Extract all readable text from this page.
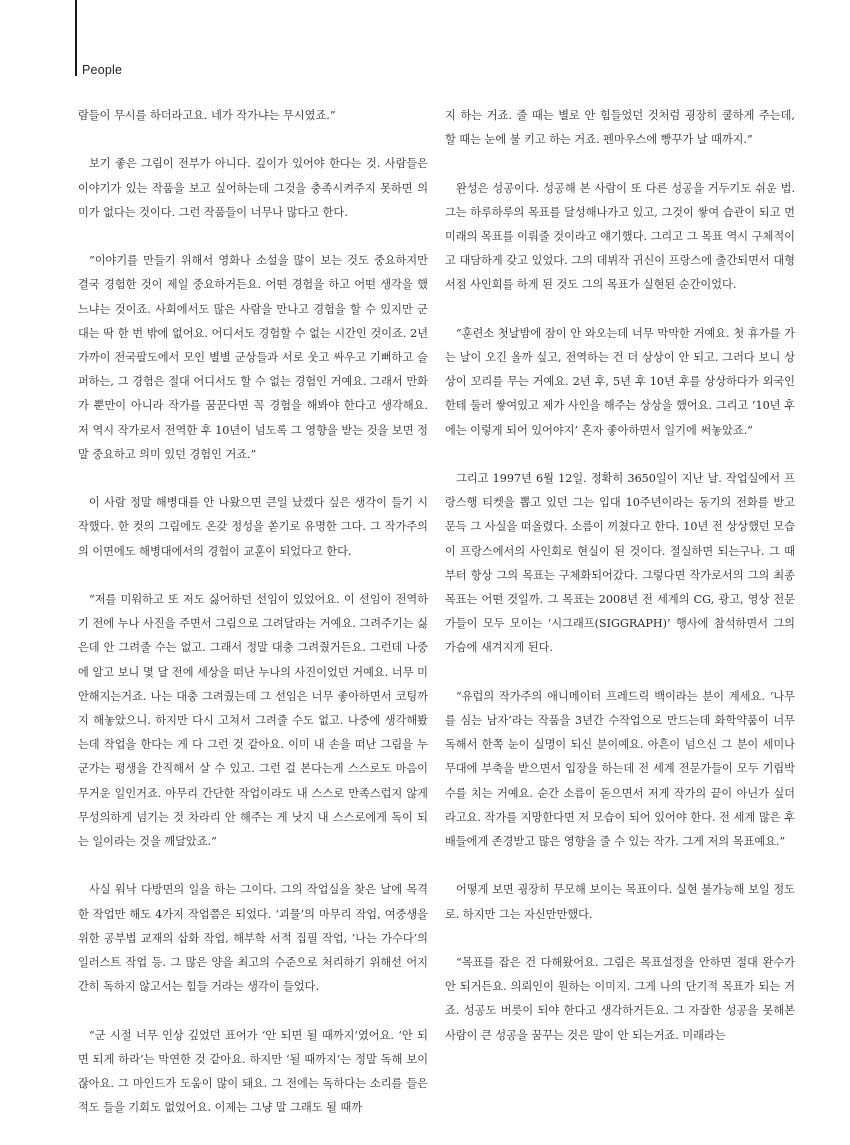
People

람들이 무시를 하더라고요. 네가 작가냐는 무시였죠.”

보기 좋은 그림이 전부가 아니다. 깊이가 있어야 한다는 것. 사람들은 이야기가 있는 작품을 보고 싶어하는데 그것을 충족시켜주지 못하면 의미가 없다는 것이다. 그런 작품들이 너무나 많다고 한다.

“이야기를 만들기 위해서 영화나 소설을 많이 보는 것도 중요하지만 결국 경험한 것이 제일 중요하거든요. 어떤 경험을 하고 어떤 생각을 했느냐는 것이죠. 사회에서도 많은 사람을 만나고 경험을 할 수 있지만 군대는 딱 한 번 밖에 없어요. 어디서도 경험할 수 없는 시간인 것이죠. 2년 가까이 전국팔도에서 모인 별별 군상들과 서로 웃고 싸우고 기뻐하고 슬퍼하는, 그 경험은 절대 어디서도 할 수 없는 경험인 거예요. 그래서 만화가 뿐만이 아니라 작가를 꿈꾼다면 꼭 경험을 해봐야 한다고 생각해요. 저 역시 작가로서 전역한 후 10년이 넘도록 그 영향을 받는 것을 보면 정말 중요하고 의미 있던 경험인 거죠.”

이 사람 정말 해병대를 안 나왔으면 큰일 났겠다 싶은 생각이 들기 시작했다. 한 컷의 그림에도 온갖 정성을 쏟기로 유명한 그다. 그 작가주의의 이면에도 해병대에서의 경험이 교훈이 되었다고 한다.

“저를 미워하고 또 저도 싫어하던 선임이 있었어요. 이 선임이 전역하기 전에 누나 사진을 주면서 그림으로 그려달라는 거예요. 그려주기는 싫은데 안 그려줄 수는 없고. 그래서 정말 대충 그려줬거든요. 그런데 나중에 알고 보니 몇 달 전에 세상을 떠난 누나의 사진이었던 거예요. 너무 미안해지는거죠. 나는 대충 그려줬는데 그 선임은 너무 좋아하면서 코팅까지 해놓았으니. 하지만 다시 고쳐서 그려줄 수도 없고. 나중에 생각해봤는데 작업을 한다는 게 다 그런 것 같아요. 이미 내 손을 떠난 그림을 누군가는 평생을 간직해서 살 수 있고. 그런 걸 본다는게 스스로도 마음이 무거운 일인거죠. 아무리 간단한 작업이라도 내 스스로 만족스럽지 않게 무성의하게 넘기는 것 차라리 안 해주는 게 낫지 내 스스로에게 독이 되는 일이라는 것을 깨달았죠.”

사실 워낙 다방면의 일을 하는 그이다. 그의 작업실을 찾은 날에 목격한 작업만 해도 4가지 작업쯤은 되었다. ‘괴물’의 마무리 작업, 여중생을 위한 공부법 교재의 삽화 작업, 해부학 서적 집필 작업, ‘나는 가수다’의 일러스트 작업 등. 그 많은 양을 최고의 수준으로 처리하기 위해선 어지간히 독하지 않고서는 힘들 거라는 생각이 들었다.

“군 시절 너무 인상 깊었던 표어가 ‘안 되면 될 때까지’였어요. ‘안 되면 되게 하라’는 막연한 것 같아요. 하지만 ‘될 때까지’는 정말 독해 보이잖아요. 그 마인드가 도움이 많이 돼요. 그 전에는 독하다는 소리를 들은 적도 들을 기회도 없었어요. 이제는 그냥 말 그래도 될 때까

지 하는 거죠. 줄 때는 별로 안 힘들었던 것처럼 굉장히 쿨하게 주는데, 할 때는 눈에 불 키고 하는 거죠. 펜마우스에 빵꾸가 날 때까지.”

완성은 성공이다. 성공해 본 사람이 또 다른 성공을 거두기도 쉬운 법. 그는 하루하루의 목표를 달성해나가고 있고, 그것이 쌓여 습관이 되고 먼 미래의 목표를 이뤄줄 것이라고 얘기했다. 그리고 그 목표 역시 구체적이고 대담하게 갖고 있었다. 그의 데뷔작 귀신이 프랑스에 출간되면서 대형 서점 사인회를 하게 된 것도 그의 목표가 실현된 순간이었다.

“훈련소 첫날밤에 잠이 안 와오는데 너무 막막한 거예요. 첫 휴가를 가는 날이 오긴 올까 싶고, 전역하는 건 더 상상이 안 되고. 그러다 보니 상상이 꼬리를 무는 거예요. 2년 후, 5년 후 10년 후를 상상하다가 외국인한테 둘러 쌓여있고 제가 사인을 해주는 상상을 했어요. 그리고 ‘10년 후에는 이렇게 되어 있어야지’ 혼자 좋아하면서 일기에 써놓았죠.”

그리고 1997년 6월 12일. 정확히 3650일이 지난 날. 작업실에서 프랑스행 티켓을 뽑고 있던 그는 입대 10주년이라는 동기의 전화를 받고 문득 그 사실을 떠올렸다. 소름이 끼쳤다고 한다. 10년 전 상상했던 모습이 프랑스에서의 사인회로 현실이 된 것이다. 절실하면 되는구나. 그 때부터 항상 그의 목표는 구체화되어갔다. 그렇다면 작가로서의 그의 최종 목표는 어떤 것일까. 그 목표는 2008년 전 세계의 CG, 광고, 영상 전문가들이 모두 모이는 ‘시그래프(SIGGRAPH)’ 행사에 참석하면서 그의 가슴에 새겨지게 된다.

“유럽의 작가주의 애니메이터 프레드릭 백이라는 분이 계세요. ‘나무를 심는 남자’라는 작품을 3년간 수작업으로 만드는데 화학약품이 너무 독해서 한쪽 눈이 실명이 되신 분이예요. 아흔이 넘으신 그 분이 세미나 무대에 부축을 받으면서 입장을 하는데 전 세계 전문가들이 모두 기립박수를 치는 거예요. 순간 소름이 돋으면서 저게 작가의 끝이 아닌가 싶더라고요. 작가를 지망한다면 저 모습이 되어 있어야 한다. 전 세계 많은 후배들에게 존경받고 많은 영향을 줄 수 있는 작가. 그게 저의 목표예요.”

어떻게 보면 굉장히 무모해 보이는 목표이다. 실현 불가능해 보일 정도로. 하지만 그는 자신만만했다.

“목표를 잡은 건 다해왔어요. 그림은 목표설정을 안하면 절대 완수가 안 되거든요. 의뢰인이 원하는 이미지. 그게 나의 단기적 목표가 되는 거죠. 성공도 버릇이 되야 한다고 생각하거든요. 그 자잘한 성공을 못해본 사람이 큰 성공을 꿈꾸는 것은 말이 안 되는거죠. 미래라는
